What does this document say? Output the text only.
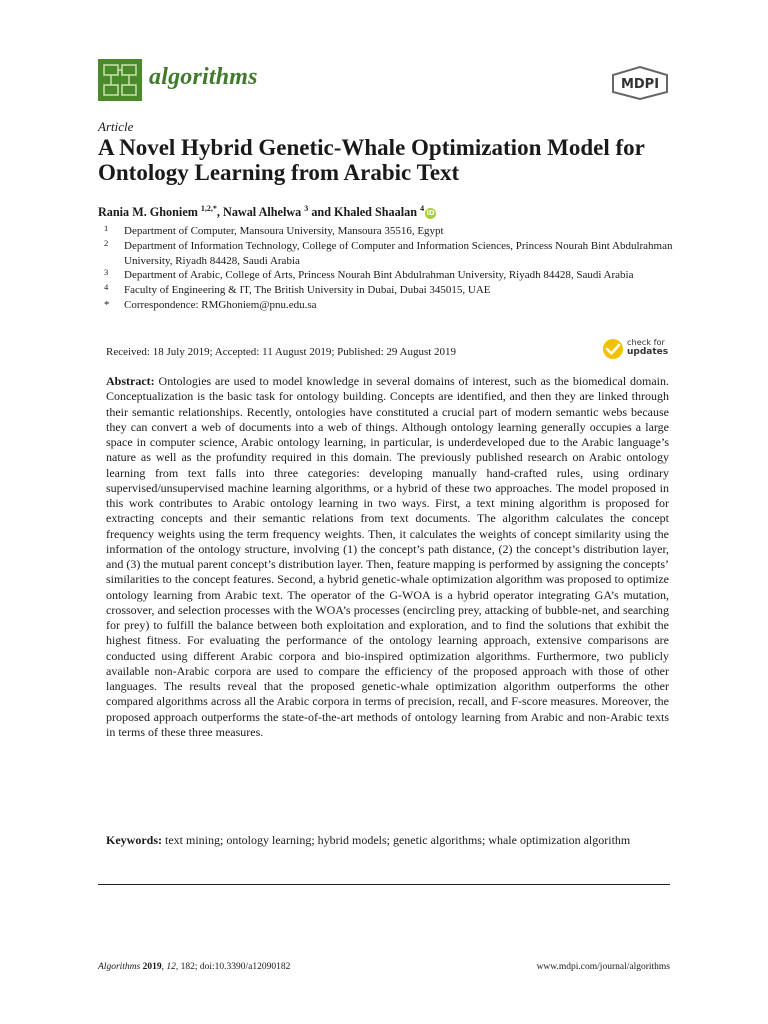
algorithms	MDPI
Article
A Novel Hybrid Genetic-Whale Optimization Model for Ontology Learning from Arabic Text
Rania M. Ghoniem $^{1,2,*}$, Nawal Alhelwa $^3$ and Khaled Shaalan $^4$iD
1 Department of Computer, Mansoura University, Mansoura 35516, Egypt
2 Department of Information Technology, College of Computer and Information Sciences, Princess Nourah Bint Abdulrahman University, Riyadh 84428, Saudi Arabia
3 Department of Arabic, College of Arts, Princess Nourah Bint Abdulrahman University, Riyadh 84428, Saudi Arabia
4 Faculty of Engineering & IT, The British University in Dubai, Dubai 345015, UAE
* Correspondence: RMGhoniem@pnu.edu.sa
Received: 18 July 2019; Accepted: 11 August 2019; Published: 29 August 2019
check for
updates

Abstract: Ontologies are used to model knowledge in several domains of interest, such as the biomedical domain. Conceptualization is the basic task for ontology building. Concepts are identified, and then they are linked through their semantic relationships. Recently, ontologies have constituted a crucial part of modern semantic webs because they can convert a web of documents into a web of things. Although ontology learning generally occupies a large space in computer science, Arabic ontology learning, in particular, is underdeveloped due to the Arabic language’s nature as well as the profundity required in this domain. The previously published research on Arabic ontology learning from text falls into three categories: developing manually hand-crafted rules, using ordinary supervised/unsupervised machine learning algorithms, or a hybrid of these two approaches. The model proposed in this work contributes to Arabic ontology learning in two ways. First, a text mining algorithm is proposed for extracting concepts and their semantic relations from text documents. The algorithm calculates the concept frequency weights using the term frequency weights. Then, it calculates the weights of concept similarity using the information of the ontology structure, involving (1) the concept’s path distance, (2) the concept’s distribution layer, and (3) the mutual parent concept’s distribution layer. Then, feature mapping is performed by assigning the concepts’ similarities to the concept features. Second, a hybrid genetic-whale optimization algorithm was proposed to optimize ontology learning from Arabic text. The operator of the G-WOA is a hybrid operator integrating GA’s mutation, crossover, and selection processes with the WOA’s processes (encircling prey, attacking of bubble-net, and searching for prey) to fulfill the balance between both exploitation and exploration, and to find the solutions that exhibit the highest fitness. For evaluating the performance of the ontology learning approach, extensive comparisons are conducted using different Arabic corpora and bio-inspired optimization algorithms. Furthermore, two publicly available non-Arabic corpora are used to compare the efficiency of the proposed approach with those of other languages. The results reveal that the proposed genetic-whale optimization algorithm outperforms the other compared algorithms across all the Arabic corpora in terms of precision, recall, and F-score measures. Moreover, the proposed approach outperforms the state-of-the-art methods of ontology learning from Arabic and non-Arabic texts in terms of these three measures.

Keywords: text mining; ontology learning; hybrid models; genetic algorithms; whale optimization algorithm

Algorithms 2019, 12, 182; doi:10.3390/a12090182	www.mdpi.com/journal/algorithms
